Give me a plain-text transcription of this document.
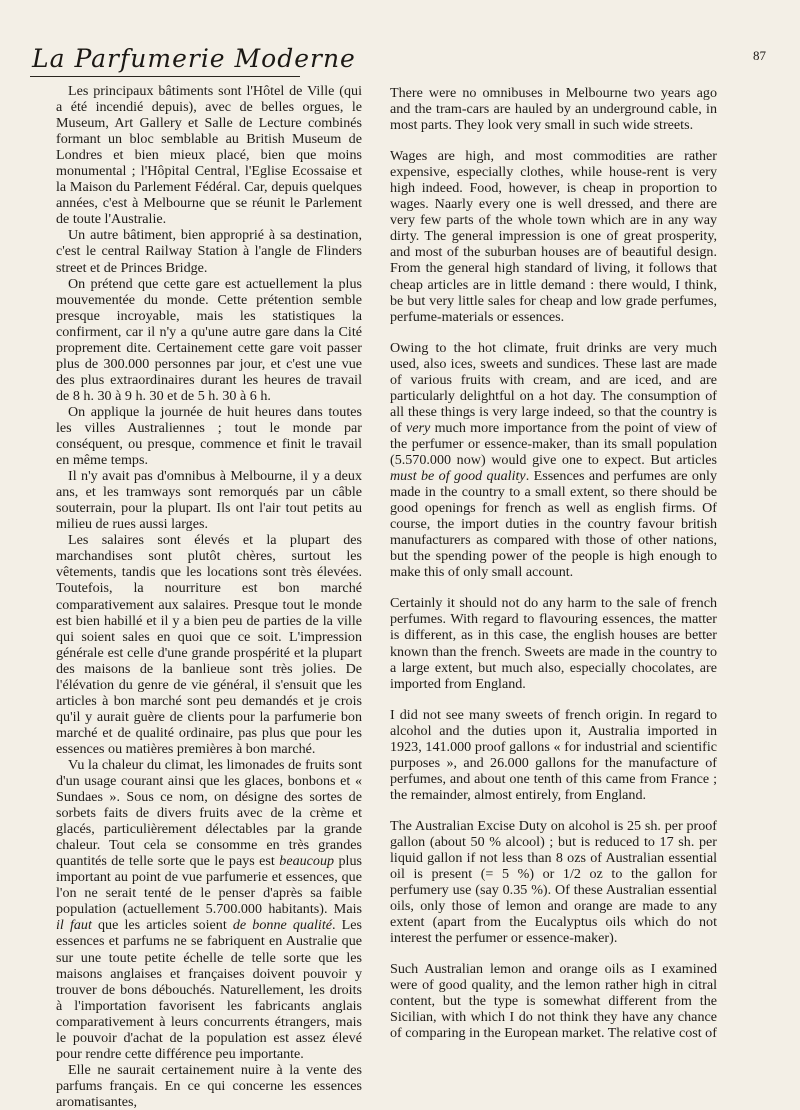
La Parfumerie Moderne	87

Les principaux bâtiments sont l'Hôtel de Ville (qui a été incendié depuis), avec de belles orgues, le Museum, Art Gallery et Salle de Lecture combinés formant un bloc semblable au British Museum de Londres et bien mieux placé, bien que moins monumental ; l'Hôpital Central, l'Eglise Ecossaise et la Maison du Parlement Fédéral. Car, depuis quelques années, c'est à Melbourne que se réunit le Parlement de toute l'Australie.

Un autre bâtiment, bien approprié à sa destination, c'est le central Railway Station à l'angle de Flinders street et de Princes Bridge.

On prétend que cette gare est actuellement la plus mouvementée du monde. Cette prétention semble presque incroyable, mais les statistiques la confirment, car il n'y a qu'une autre gare dans la Cité proprement dite. Certainement cette gare voit passer plus de 300.000 personnes par jour, et c'est une vue des plus extraordinaires durant les heures de travail de 8 h. 30 à 9 h. 30 et de 5 h. 30 à 6 h.

On applique la journée de huit heures dans toutes les villes Australiennes ; tout le monde par conséquent, ou presque, commence et finit le travail en même temps.

Il n'y avait pas d'omnibus à Melbourne, il y a deux ans, et les tramways sont remorqués par un câble souterrain, pour la plupart. Ils ont l'air tout petits au milieu de rues aussi larges.

Les salaires sont élevés et la plupart des marchandises sont plutôt chères, surtout les vêtements, tandis que les locations sont très élevées. Toutefois, la nourriture est bon marché comparativement aux salaires. Presque tout le monde est bien habillé et il y a bien peu de parties de la ville qui soient sales en quoi que ce soit. L'impression générale est celle d'une grande prospérité et la plupart des maisons de la banlieue sont très jolies. De l'élévation du genre de vie général, il s'ensuit que les articles à bon marché sont peu demandés et je crois qu'il y aurait guère de clients pour la parfumerie bon marché et de qualité ordinaire, pas plus que pour les essences ou matières premières à bon marché.

Vu la chaleur du climat, les limonades de fruits sont d'un usage courant ainsi que les glaces, bonbons et « Sundaes ». Sous ce nom, on désigne des sortes de sorbets faits de divers fruits avec de la crème et glacés, particulièrement délectables par la grande chaleur. Tout cela se consomme en très grandes quantités de telle sorte que le pays est beaucoup plus important au point de vue parfumerie et essences, que l'on ne serait tenté de le penser d'après sa faible population (actuellement 5.700.000 habitants). Mais il faut que les articles soient de bonne qualité. Les essences et parfums ne se fabriquent en Australie que sur une toute petite échelle de telle sorte que les maisons anglaises et françaises doivent pouvoir y trouver de bons débouchés. Naturellement, les droits à l'importation favorisent les fabricants anglais comparativement à leurs concurrents étrangers, mais le pouvoir d'achat de la population est assez élevé pour rendre cette différence peu importante.

Elle ne saurait certainement nuire à la vente des parfums français. En ce qui concerne les essences aromatisantes,

There were no omnibuses in Melbourne two years ago and the tram-cars are hauled by an underground cable, in most parts. They look very small in such wide streets.

Wages are high, and most commodities are rather expensive, especially clothes, while house-rent is very high indeed. Food, however, is cheap in proportion to wages. Naarly every one is well dressed, and there are very few parts of the whole town which are in any way dirty. The general impression is one of great prosperity, and most of the suburban houses are of beautiful design. From the general high standard of living, it follows that cheap articles are in little demand : there would, I think, be but very little sales for cheap and low grade perfumes, perfume-materials or essences.

Owing to the hot climate, fruit drinks are very much used, also ices, sweets and sundices. These last are made of various fruits with cream, and are iced, and are particularly delightful on a hot day. The consumption of all these things is very large indeed, so that the country is of very much more importance from the point of view of the perfumer or essence-maker, than its small population (5.570.000 now) would give one to expect. But articles must be of good quality. Essences and perfumes are only made in the country to a small extent, so there should be good openings for french as well as english firms. Of course, the import duties in the country favour british manufacturers as compared with those of other nations, but the spending power of the people is high enough to make this of only small account.

Certainly it should not do any harm to the sale of french perfumes. With regard to flavouring essences, the matter is different, as in this case, the english houses are better known than the french. Sweets are made in the country to a large extent, but much also, especially chocolates, are imported from England.

I did not see many sweets of french origin. In regard to alcohol and the duties upon it, Australia imported in 1923, 141.000 proof gallons « for industrial and scientific purposes », and 26.000 gallons for the manufacture of perfumes, and about one tenth of this came from France ; the remainder, almost entirely, from England.

The Australian Excise Duty on alcohol is 25 sh. per proof gallon (about 50 % alcool) ; but is reduced to 17 sh. per liquid gallon if not less than 8 ozs of Australian essential oil is present (= 5 %) or 1/2 oz to the gallon for perfumery use (say 0.35 %). Of these Australian essential oils, only those of lemon and orange are made to any extent (apart from the Eucalyptus oils which do not interest the perfumer or essence-maker).

Such Australian lemon and orange oils as I examined were of good quality, and the lemon rather high in citral content, but the type is somewhat different from the Sicilian, with which I do not think they have any chance of comparing in the European market. The relative cost of
